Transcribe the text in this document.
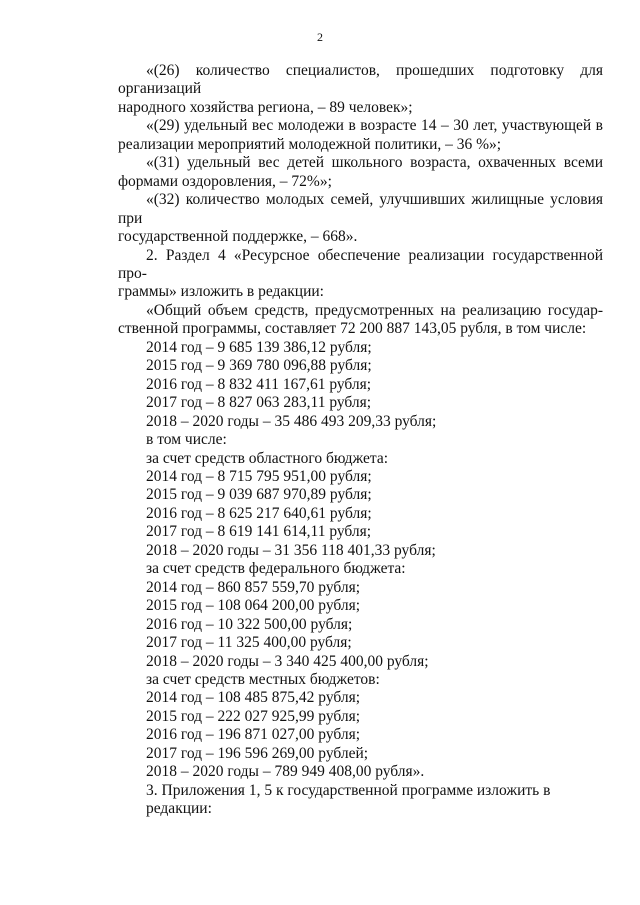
2

«(26) количество специалистов, прошедших подготовку для организаций

народного хозяйства региона, – 89 человек»;

«(29) удельный вес молодежи в возрасте 14 – 30 лет, участвующей в

реализации мероприятий молодежной политики, – 36 %»;

«(31) удельный вес детей школьного возраста, охваченных всеми

формами оздоровления, – 72%»;

«(32) количество молодых семей, улучшивших жилищные условия при

государственной поддержке, – 668».

2. Раздел 4 «Ресурсное обеспечение реализации государственной про-

граммы» изложить в редакции:

«Общий объем средств, предусмотренных на реализацию государ-

ственной программы, составляет 72 200 887 143,05 рубля, в том числе:

2014 год – 9 685 139 386,12 рубля;

2015 год – 9 369 780 096,88 рубля;

2016 год – 8 832 411 167,61 рубля;

2017 год – 8 827 063 283,11 рубля;

2018 – 2020 годы – 35 486 493 209,33 рубля;

в том числе:

за счет средств областного бюджета:

2014 год – 8 715 795 951,00 рубля;

2015 год – 9 039 687 970,89 рубля;

2016 год – 8 625 217 640,61 рубля;

2017 год – 8 619 141 614,11 рубля;

2018 – 2020 годы – 31 356 118 401,33 рубля;

за счет средств федерального бюджета:

2014 год – 860 857 559,70 рубля;

2015 год – 108 064 200,00 рубля;

2016 год – 10 322 500,00 рубля;

2017 год – 11 325 400,00 рубля;

2018 – 2020 годы – 3 340 425 400,00 рубля;

за счет средств местных бюджетов:

2014 год – 108 485 875,42 рубля;

2015 год – 222 027 925,99 рубля;

2016 год – 196 871 027,00 рубля;

2017 год – 196 596 269,00 рублей;

2018 – 2020 годы – 789 949 408,00 рубля».

3. Приложения 1, 5 к государственной программе изложить в редакции:
